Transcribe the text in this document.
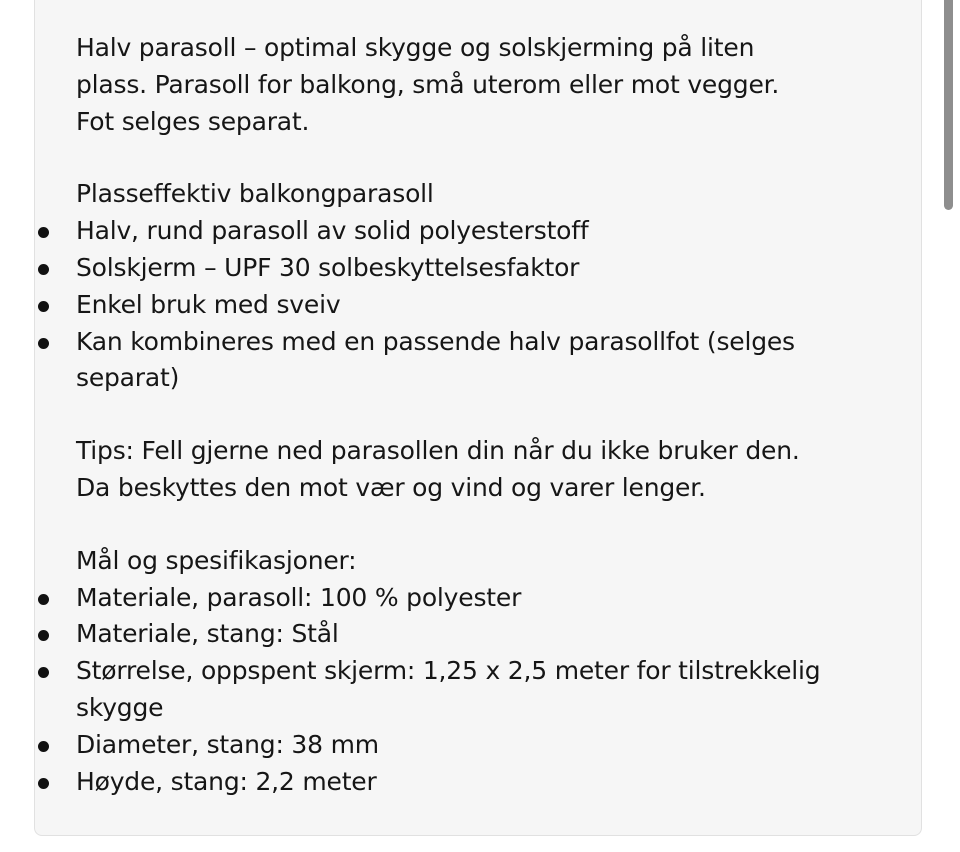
Halv parasoll – optimal skygge og solskjerming på liten

plass. Parasoll for balkong, små uterom eller mot vegger.

Fot selges separat.

Plasseffektiv balkongparasoll

Halv, rund parasoll av solid polyesterstoff
Solskjerm – UPF 30 solbeskyttelsesfaktor
Enkel bruk med sveiv
Kan kombineres med en passende halv parasollfot (selges separat)

Tips: Fell gjerne ned parasollen din når du ikke bruker den.

Da beskyttes den mot vær og vind og varer lenger.

Mål og spesifikasjoner:

Materiale, parasoll: 100 % polyester
Materiale, stang: Stål
Størrelse, oppspent skjerm: 1,25 x 2,5 meter for tilstrekkelig skygge
Diameter, stang: 38 mm
Høyde, stang: 2,2 meter
